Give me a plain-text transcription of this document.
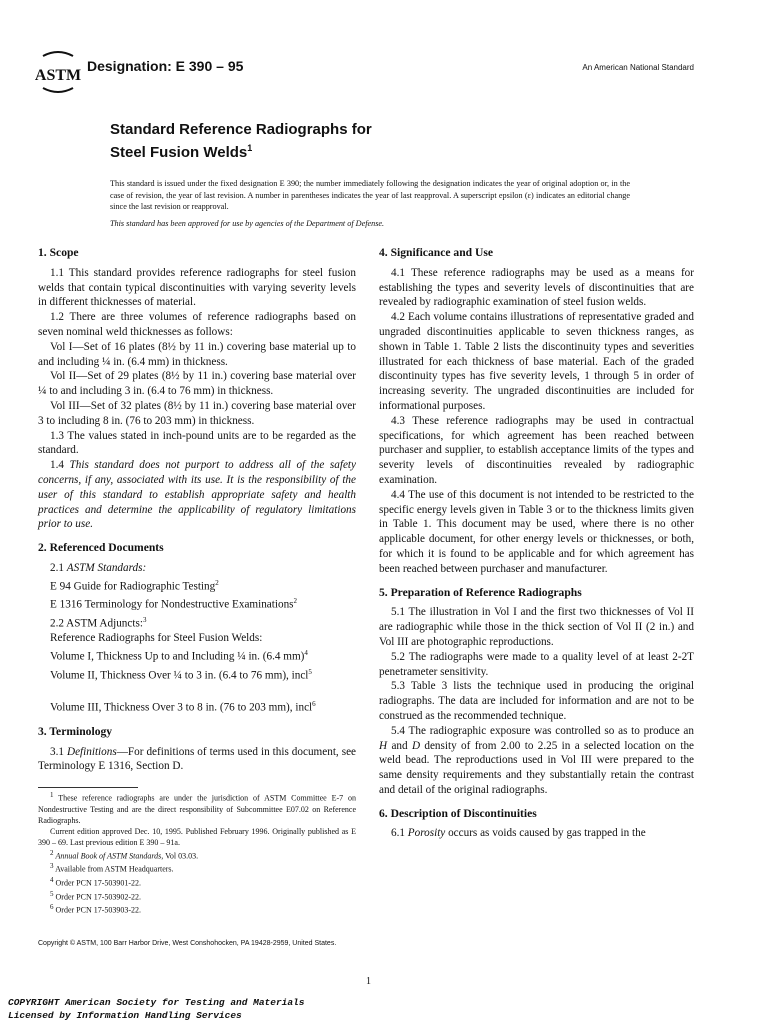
ASTM
Designation: E 390 – 95	An American National Standard
Standard Reference Radiographs for
Steel Fusion Welds$^1$
This standard is issued under the fixed designation E 390; the number immediately following the designation indicates the year of original adoption or, in the case of revision, the year of last revision. A number in parentheses indicates the year of last reapproval. A superscript epsilon (ε) indicates an editorial change since the last revision or reapproval.
This standard has been approved for use by agencies of the Department of Defense.
1. Scope

1.1 This standard provides reference radiographs for steel fusion welds that contain typical discontinuities with varying severity levels in different thicknesses of material.

1.2 There are three volumes of reference radiographs based on seven nominal weld thicknesses as follows:

Vol I—Set of 16 plates (8½ by 11 in.) covering base material up to and including ¼ in. (6.4 mm) in thickness.

Vol II—Set of 29 plates (8½ by 11 in.) covering base material over ¼ to and including 3 in. (6.4 to 76 mm) in thickness.

Vol III—Set of 32 plates (8½ by 11 in.) covering base material over 3 to including 8 in. (76 to 203 mm) in thickness.

1.3 The values stated in inch-pound units are to be regarded as the standard.

1.4 This standard does not purport to address all of the safety concerns, if any, associated with its use. It is the responsibility of the user of this standard to establish appropriate safety and health practices and determine the applicability of regulatory limitations prior to use.

2. Referenced Documents

2.1 ASTM Standards:

E 94 Guide for Radiographic Testing$^2$

E 1316 Terminology for Nondestructive Examinations$^2$

2.2 ASTM Adjuncts:$^3$

Reference Radiographs for Steel Fusion Welds:

Volume I, Thickness Up to and Including ¼ in. (6.4 mm)$^4$

Volume II, Thickness Over ¼ to 3 in. (6.4 to 76 mm), incl$^5$

Volume III, Thickness Over 3 to 8 in. (76 to 203 mm), incl$^6$

3. Terminology

3.1 Definitions—For definitions of terms used in this document, see Terminology E 1316, Section D.

$^1$ These reference radiographs are under the jurisdiction of ASTM Committee E-7 on Nondestructive Testing and are the direct responsibility of Subcommittee E07.02 on Reference Radiographs.

Current edition approved Dec. 10, 1995. Published February 1996. Originally published as E 390 – 69. Last previous edition E 390 – 91a.

$^2$ Annual Book of ASTM Standards, Vol 03.03.

$^3$ Available from ASTM Headquarters.

$^4$ Order PCN 17-503901-22.

$^5$ Order PCN 17-503902-22.

$^6$ Order PCN 17-503903-22.

4. Significance and Use

4.1 These reference radiographs may be used as a means for establishing the types and severity levels of discontinuities that are revealed by radiographic examination of steel fusion welds.

4.2 Each volume contains illustrations of representative graded and ungraded discontinuities applicable to seven thickness ranges, as shown in Table 1. Table 2 lists the discontinuity types and severities illustrated for each thickness of base material. Each of the graded discontinuity types has five severity levels, 1 through 5 in order of increasing severity. The ungraded discontinuities are included for informational purposes.

4.3 These reference radiographs may be used in contractual specifications, for which agreement has been reached between purchaser and supplier, to establish acceptance limits of the types and severity levels of discontinuities revealed by radiographic examination.

4.4 The use of this document is not intended to be restricted to the specific energy levels given in Table 3 or to the thickness limits given in Table 1. This document may be used, where there is no other applicable document, for other energy levels or thicknesses, or both, for which it is found to be applicable and for which agreement has been reached between purchaser and manufacturer.

5. Preparation of Reference Radiographs

5.1 The illustration in Vol I and the first two thicknesses of Vol II are radiographic while those in the thick section of Vol II (2 in.) and Vol III are photographic reproductions.

5.2 The radiographs were made to a quality level of at least 2-2T penetrameter sensitivity.

5.3 Table 3 lists the technique used in producing the original radiographs. The data are included for information and are not to be construed as the recommended technique.

5.4 The radiographic exposure was controlled so as to produce an H and D density of from 2.00 to 2.25 in a selected location on the weld bead. The reproductions used in Vol III were prepared to the same density requirements and they substantially retain the contrast and detail of the original radiographs.

6. Description of Discontinuities

6.1 Porosity occurs as voids caused by gas trapped in the

Copyright © ASTM, 100 Barr Harbor Drive, West Conshohocken, PA 19428-2959, United States.
1
COPYRIGHT American Society for Testing and Materials
Licensed by Information Handling Services
